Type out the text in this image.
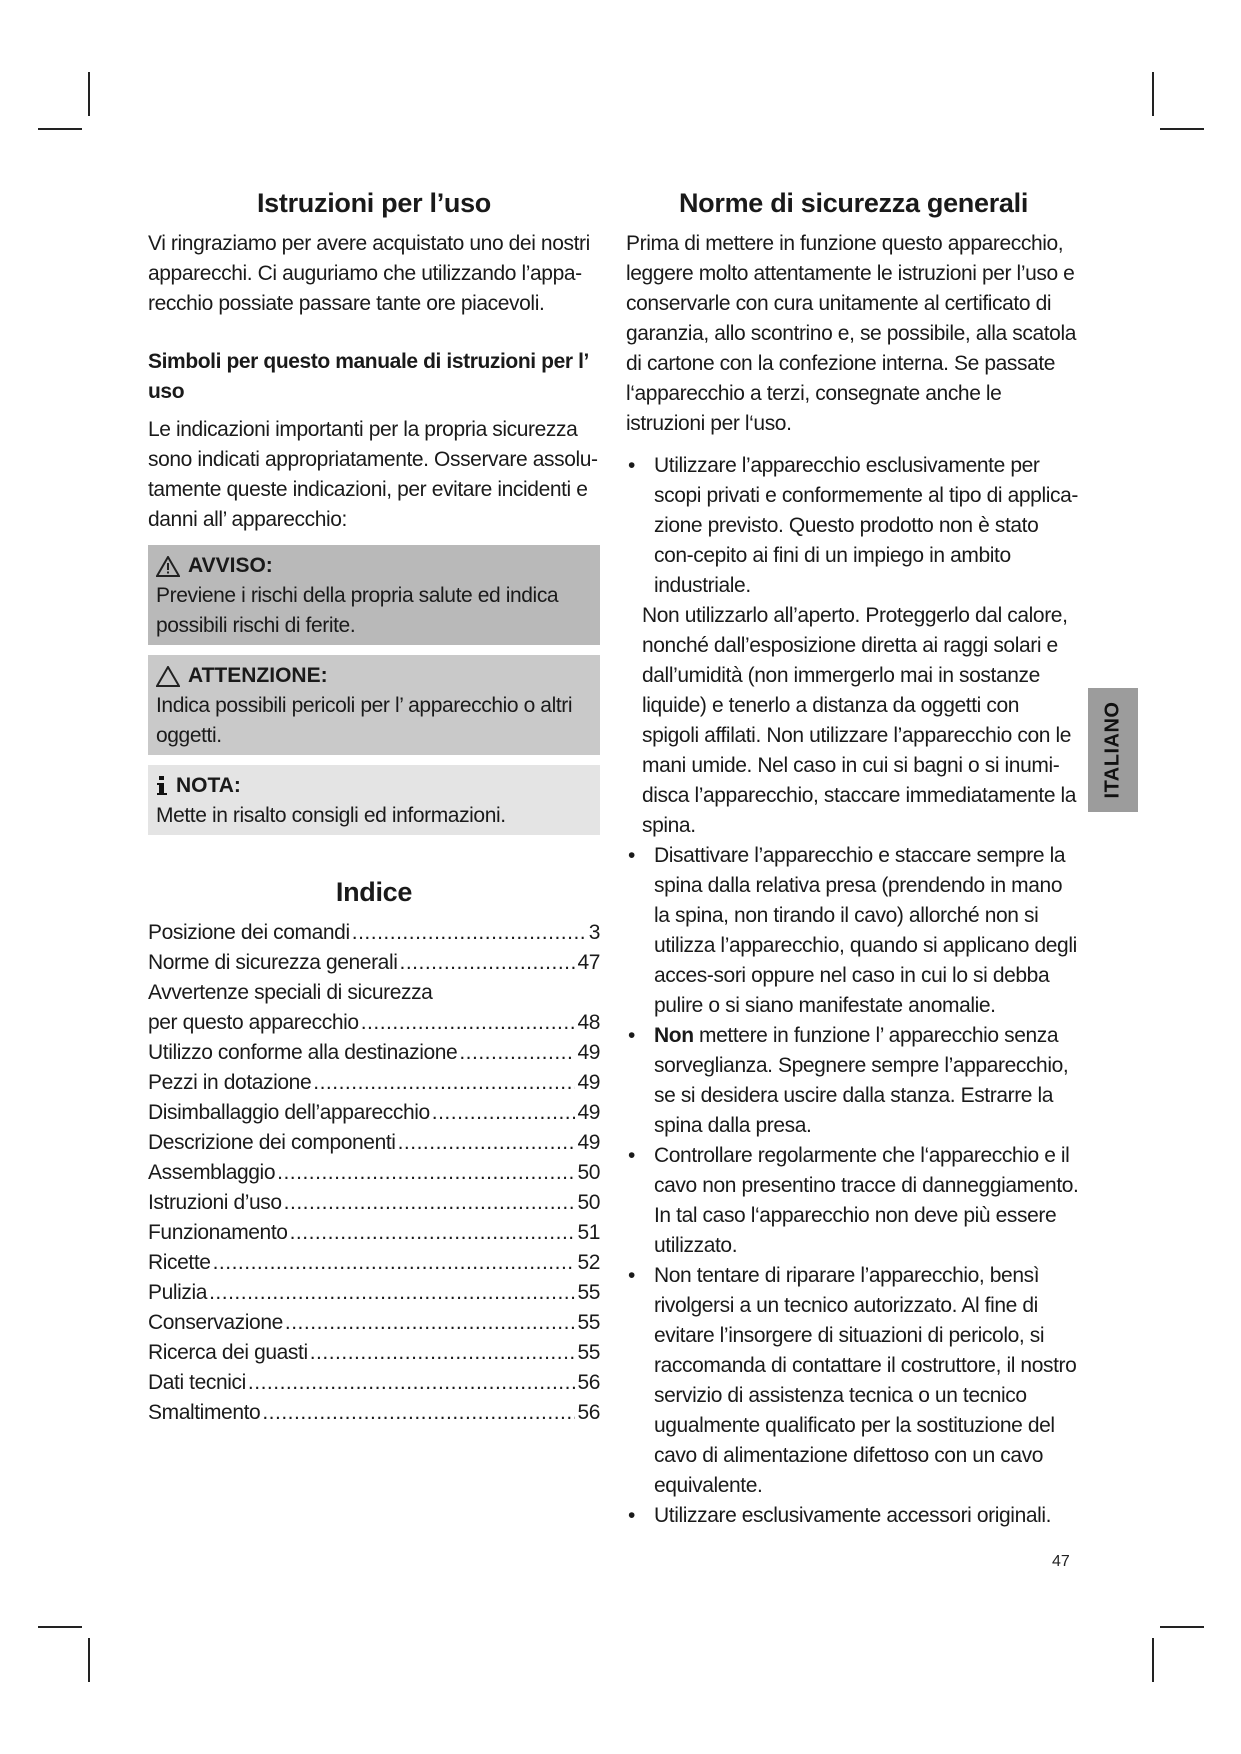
Istruzioni per l’uso

Vi ringraziamo per avere acquistato uno dei nostri apparecchi. Ci auguriamo che utilizzando l’appa-recchio possiate passare tante ore piacevoli.

Simboli per questo manuale di istruzioni per l’ uso

Le indicazioni importanti per la propria sicurezza sono indicati appropriatamente. Osservare assolu-tamente queste indicazioni, per evitare incidenti e danni all’ apparecchio:

AVVISO:
Previene i rischi della propria salute ed indica possibili rischi di ferite.
ATTENZIONE:
Indica possibili pericoli per l’ apparecchio o altri oggetti.
NOTA:
Mette in risalto consigli ed informazioni.
Indice
Posizione dei comandi .....	3
Norme di sicurezza generali .....	47
Avvertenze speciali di sicurezza
per questo apparecchio .....	48
Utilizzo conforme alla destinazione .....	49
Pezzi in dotazione .....	49
Disimballaggio dell’apparecchio .....	49
Descrizione dei componenti .....	49
Assemblaggio .....	50
Istruzioni d’uso .....	50
Funzionamento .....	51
Ricette .....	52
Pulizia .....	55
Conservazione .....	55
Ricerca dei guasti .....	55
Dati tecnici .....	56
Smaltimento .....	56
Norme di sicurezza generali

Prima di mettere in funzione questo apparecchio, leggere molto attentamente le istruzioni per l’uso e conservarle con cura unitamente al certificato di garanzia, allo scontrino e, se possibile, alla scatola di cartone con la confezione interna. Se passate l‘apparecchio a terzi, consegnate anche le istruzioni per l‘uso.

• Utilizzare l’apparecchio esclusivamente per scopi privati e conformemente al tipo di applica-zione previsto. Questo prodotto non è stato con-cepito ai fini di un impiego in ambito industriale.

Non utilizzarlo all’aperto. Proteggerlo dal calore, nonché dall’esposizione diretta ai raggi solari e dall’umidità (non immergerlo mai in sostanze liquide) e tenerlo a distanza da oggetti con spigoli affilati. Non utilizzare l’apparecchio con le mani umide. Nel caso in cui si bagni o si inumi-disca l’apparecchio, staccare immediatamente la spina.

• Disattivare l’apparecchio e staccare sempre la spina dalla relativa presa (prendendo in mano la spina, non tirando il cavo) allorché non si utilizza l’apparecchio, quando si applicano degli acces-sori oppure nel caso in cui lo si debba pulire o si siano manifestate anomalie.
• Non mettere in funzione l’ apparecchio senza sorveglianza. Spegnere sempre l’apparecchio, se si desidera uscire dalla stanza. Estrarre la spina dalla presa.
• Controllare regolarmente che l‘apparecchio e il cavo non presentino tracce di danneggiamento. In tal caso l‘apparecchio non deve più essere utilizzato.
• Non tentare di riparare l’apparecchio, bensì rivolgersi a un tecnico autorizzato. Al fine di evitare l’insorgere di situazioni di pericolo, si raccomanda di contattare il costruttore, il nostro servizio di assistenza tecnica o un tecnico ugualmente qualificato per la sostituzione del cavo di alimentazione difettoso con un cavo equivalente.
• Utilizzare esclusivamente accessori originali.
ITALIANO
47
